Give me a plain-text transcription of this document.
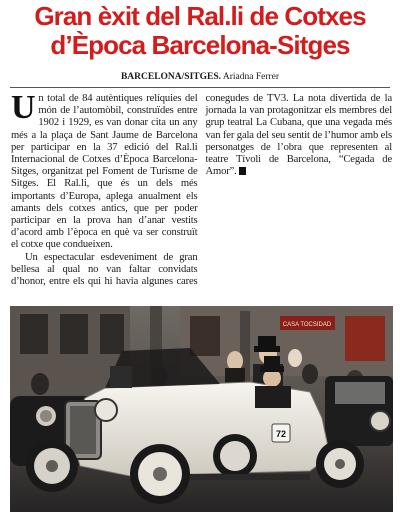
Gran èxit del Ral.li de Cotxes
d’Època Barcelona-Sitges
BARCELONA/SITGES. Ariadna Ferrer

Un total de 84 autèntiques relíquies del món de l’automòbil, construïdes entre 1902 i 1929, es van donar cita un any més a la plaça de Sant Jaume de Barcelona per participar en la 37 edició del Ral.li Internacional de Cotxes d’Època Barcelona-Sitges, organitzat pel Foment de Turisme de Sitges. El Ral.li, que és un dels més importants d’Europa, aplega anualment els amants dels cotxes antics, que per poder participar en la prova han d’anar vestits d’acord amb l’època en què va ser construït el cotxe que condueixen.

Un espectacular esdeveniment de gran bellesa al qual no van faltar convidats d’honor, entre els qui hi havia algunes cares conegudes de TV3. La nota divertida de la jornada la van protagonitzar els membres del grup teatral La Cubana, que una vegada més van fer gala del seu sentit de l’humor amb els personatges de l’obra que representen al teatre Tívoli de Barcelona, “Cegada de Amor”.

CASA TOCSIDAD
72
